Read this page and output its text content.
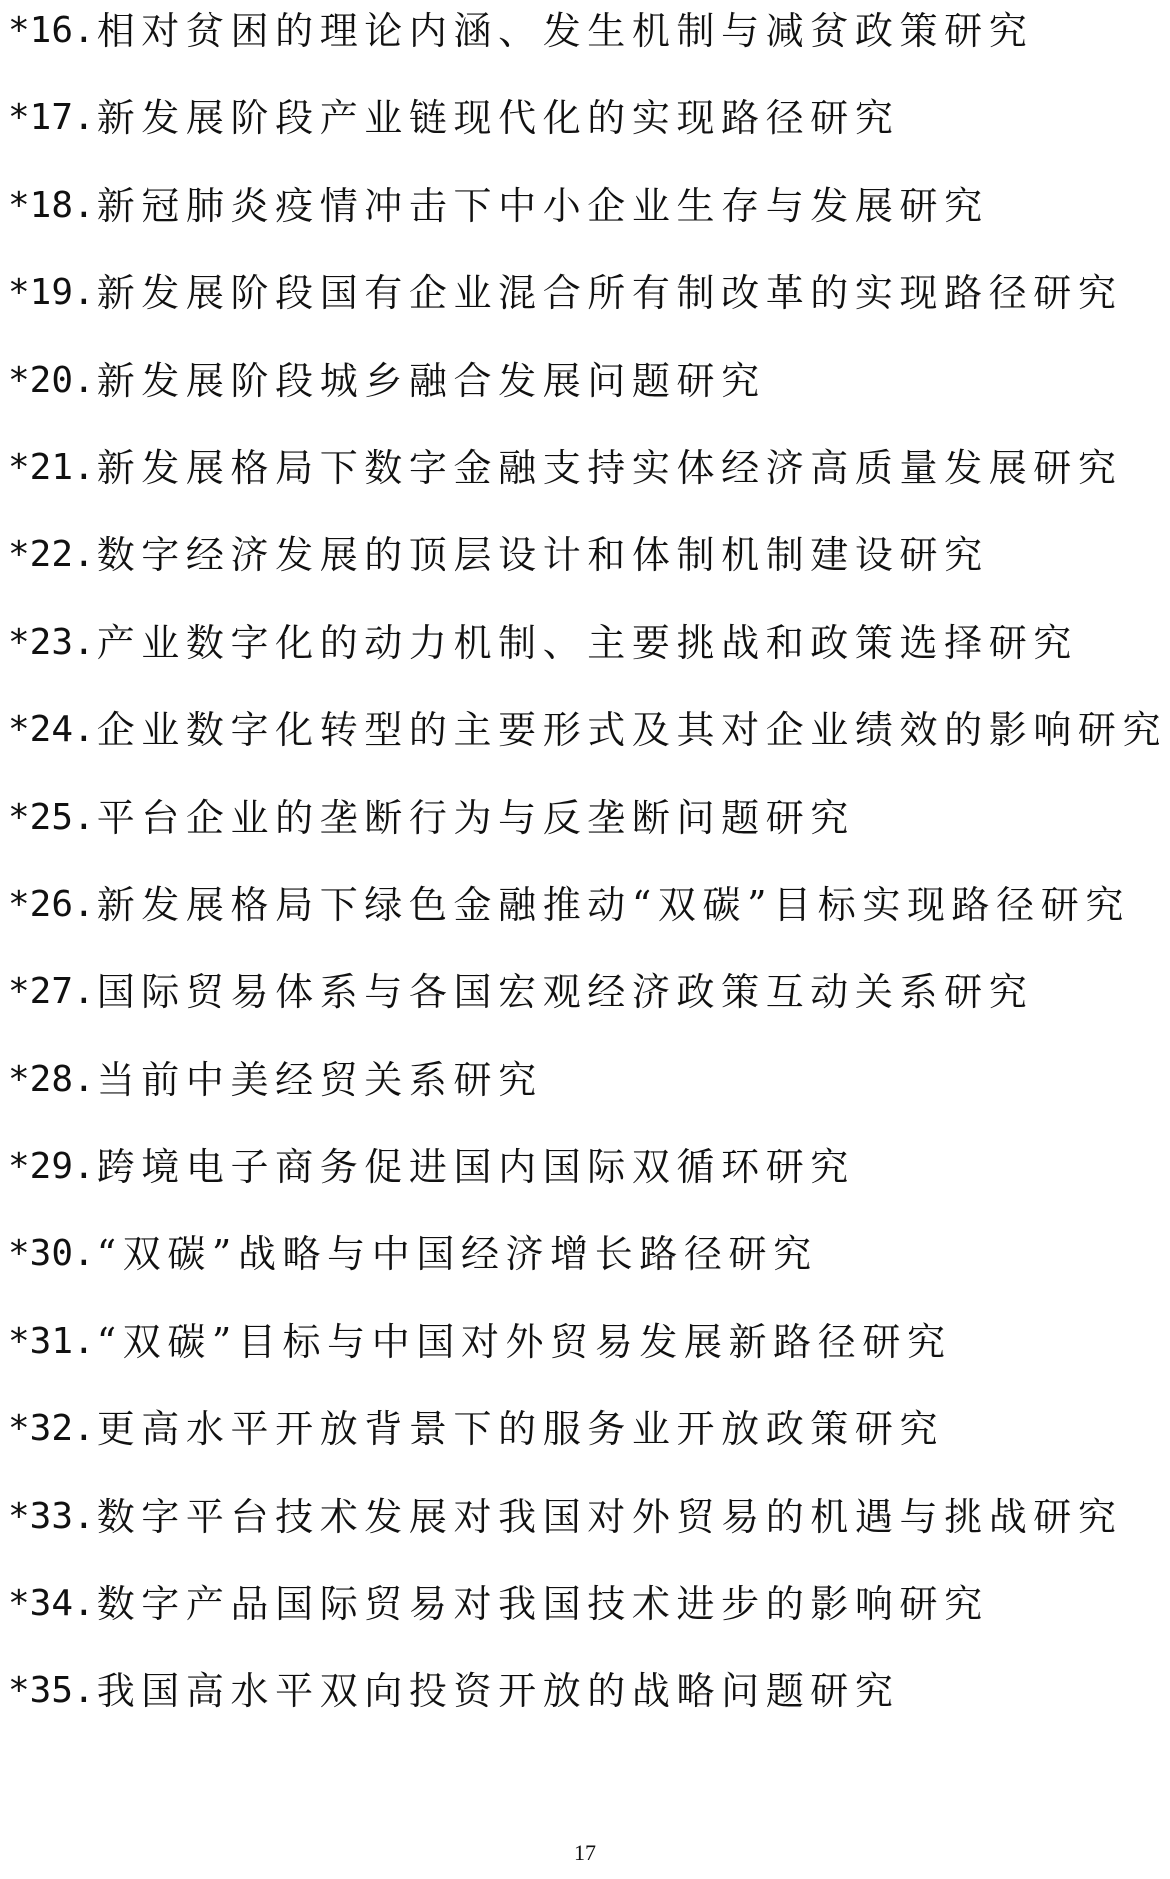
*16. 相对贫困的理论内涵、发生机制与减贫政策研究
*17. 新发展阶段产业链现代化的实现路径研究
*18. 新冠肺炎疫情冲击下中小企业生存与发展研究
*19. 新发展阶段国有企业混合所有制改革的实现路径研究
*20. 新发展阶段城乡融合发展问题研究
*21. 新发展格局下数字金融支持实体经济高质量发展研究
*22. 数字经济发展的顶层设计和体制机制建设研究
*23. 产业数字化的动力机制、主要挑战和政策选择研究
*24. 企业数字化转型的主要形式及其对企业绩效的影响研究
*25. 平台企业的垄断行为与反垄断问题研究
*26. 新发展格局下绿色金融推动“双碳”目标实现路径研究
*27. 国际贸易体系与各国宏观经济政策互动关系研究
*28. 当前中美经贸关系研究
*29. 跨境电子商务促进国内国际双循环研究
*30. “双碳”战略与中国经济增长路径研究
*31. “双碳”目标与中国对外贸易发展新路径研究
*32. 更高水平开放背景下的服务业开放政策研究
*33. 数字平台技术发展对我国对外贸易的机遇与挑战研究
*34. 数字产品国际贸易对我国技术进步的影响研究
*35. 我国高水平双向投资开放的战略问题研究
17
